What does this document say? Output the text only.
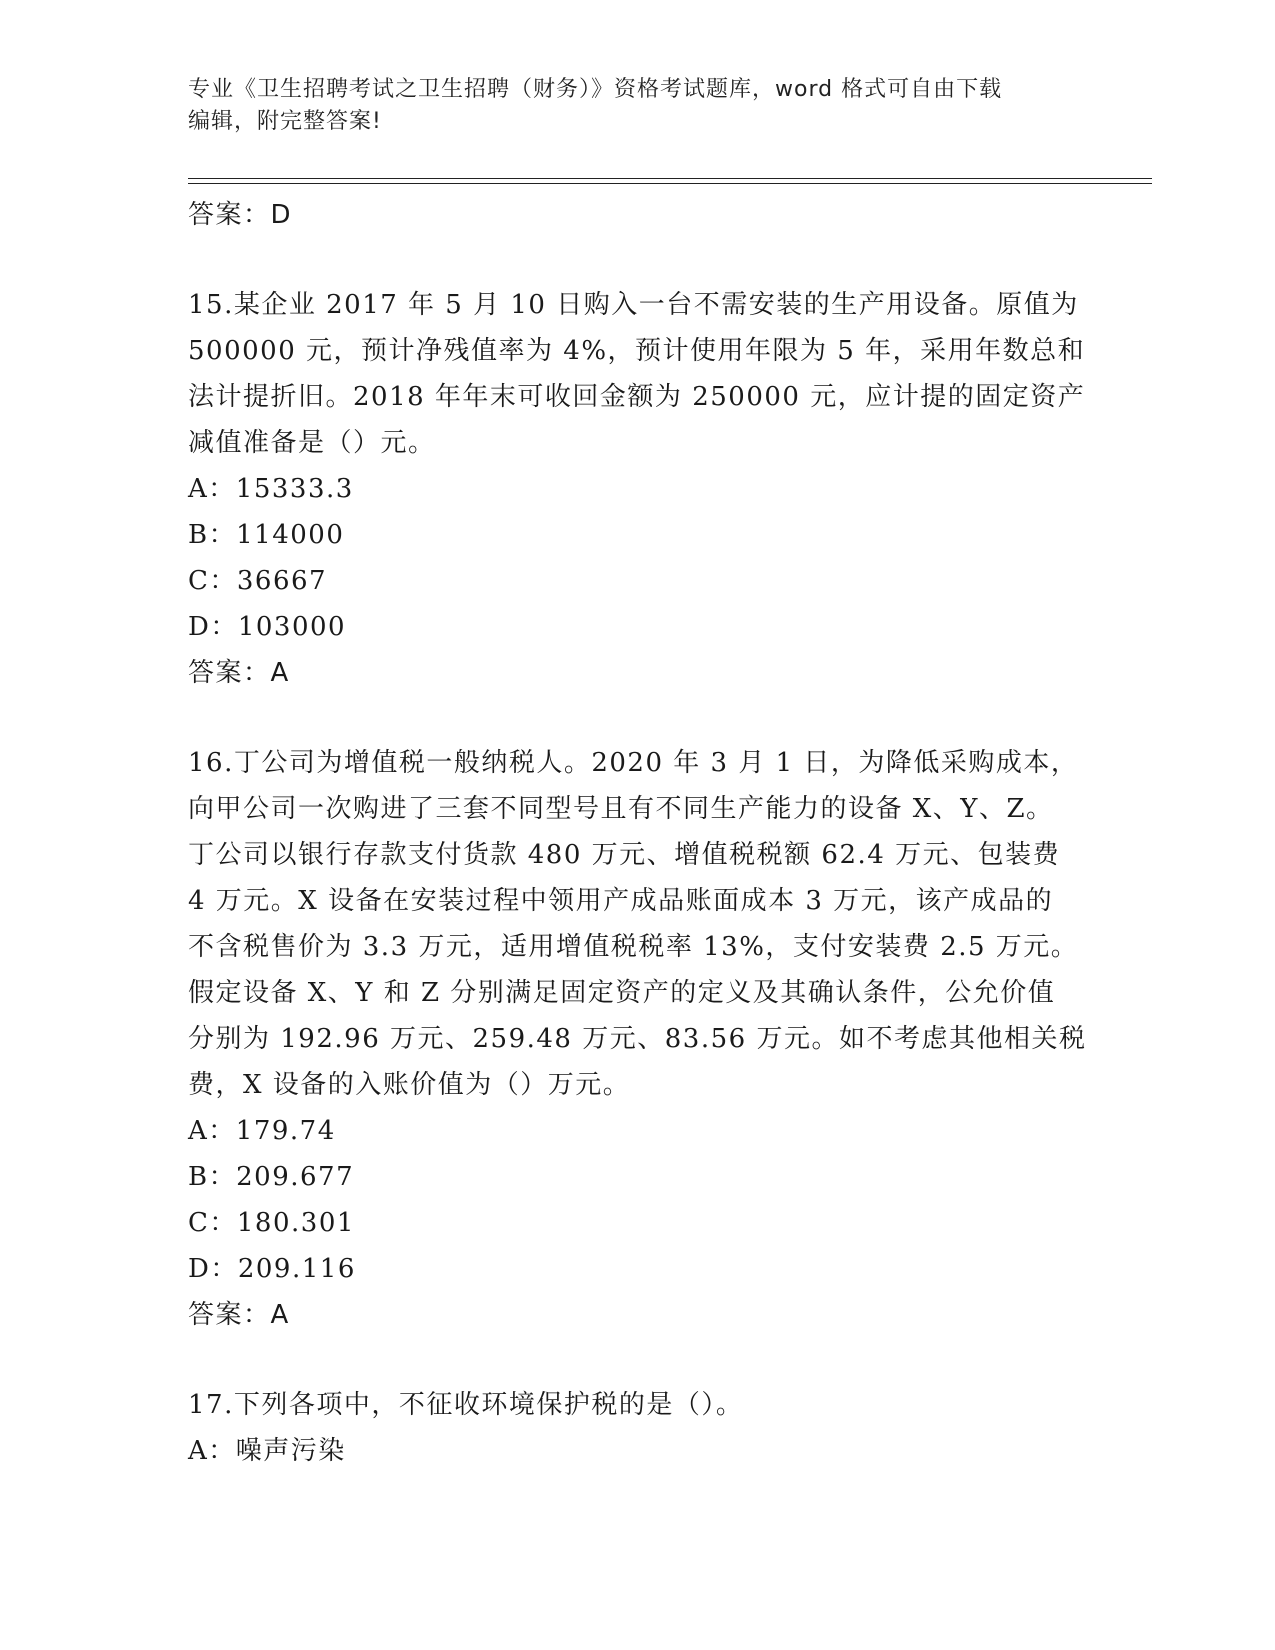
专业《卫生招聘考试之卫生招聘（财务）》资格考试题库，word 格式可自由下载
编辑，附完整答案!
答案：D
15.某企业 2017 年 5 月 10 日购入一台不需安装的生产用设备。原值为
500000 元，预计净残值率为 4%，预计使用年限为 5 年，采用年数总和
法计提折旧。2018 年年末可收回金额为 250000 元，应计提的固定资产
减值准备是（）元。
A：15333.3
B：114000
C：36667
D：103000
答案：A
16.丁公司为增值税一般纳税人。2020 年 3 月 1 日，为降低采购成本，
向甲公司一次购进了三套不同型号且有不同生产能力的设备 X、Y、Z。
丁公司以银行存款支付货款 480 万元、增值税税额 62.4 万元、包装费
4 万元。X 设备在安装过程中领用产成品账面成本 3 万元，该产成品的
不含税售价为 3.3 万元，适用增值税税率 13%，支付安装费 2.5 万元。
假定设备 X、Y 和 Z 分别满足固定资产的定义及其确认条件，公允价值
分别为 192.96 万元、259.48 万元、83.56 万元。如不考虑其他相关税
费，X 设备的入账价值为（）万元。
A：179.74
B：209.677
C：180.301
D：209.116
答案：A
17.下列各项中，不征收环境保护税的是（）。
A：噪声污染
